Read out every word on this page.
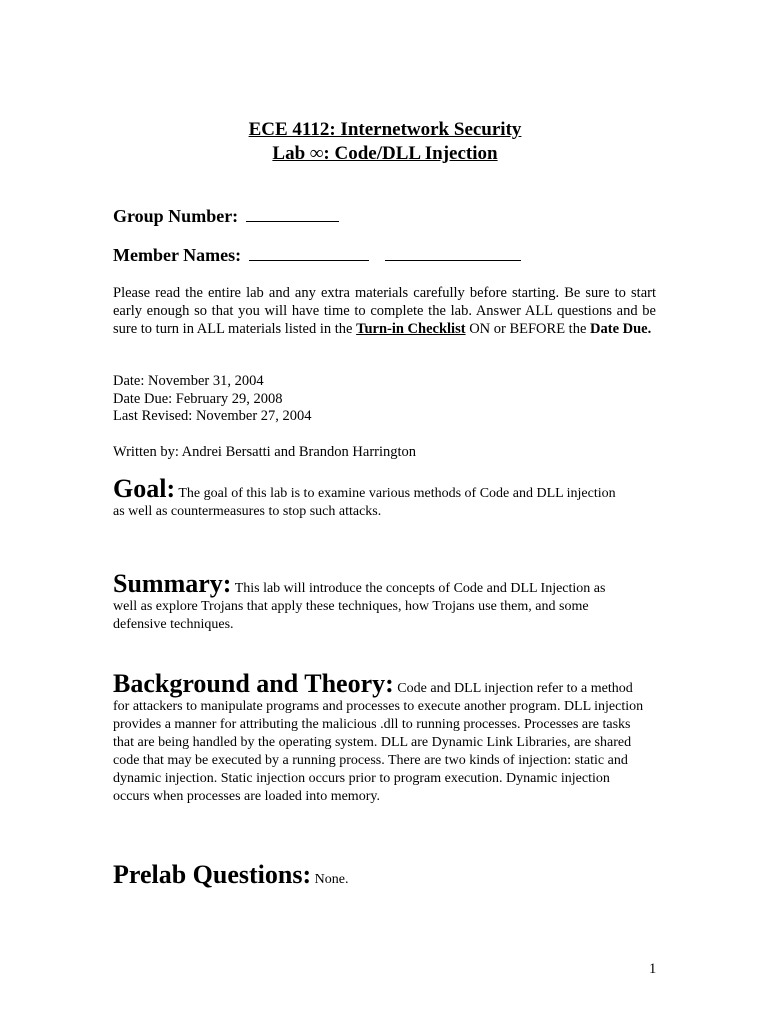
ECE 4112: Internetwork Security
Lab ∞: Code/DLL Injection
Group Number:
Member Names:
Please read the entire lab and any extra materials carefully before starting. Be sure to start early enough so that you will have time to complete the lab. Answer ALL questions and be sure to turn in ALL materials listed in the Turn-in Checklist ON or BEFORE the Date Due.
Date: November 31, 2004
Date Due: February 29, 2008
Last Revised: November 27, 2004
Written by: Andrei Bersatti and Brandon Harrington
Goal: The goal of this lab is to examine various methods of Code and DLL injection
as well as countermeasures to stop such attacks.
Summary: This lab will introduce the concepts of Code and DLL Injection as
well as explore Trojans that apply these techniques, how Trojans use them, and some defensive techniques.
Background and Theory: Code and DLL injection refer to a method
for attackers to manipulate programs and processes to execute another program. DLL injection provides a manner for attributing the malicious .dll to running processes. Processes are tasks that are being handled by the operating system. DLL are Dynamic Link Libraries, are shared code that may be executed by a running process. There are two kinds of injection: static and dynamic injection. Static injection occurs prior to program execution. Dynamic injection occurs when processes are loaded into memory.
Prelab Questions: None.
1
